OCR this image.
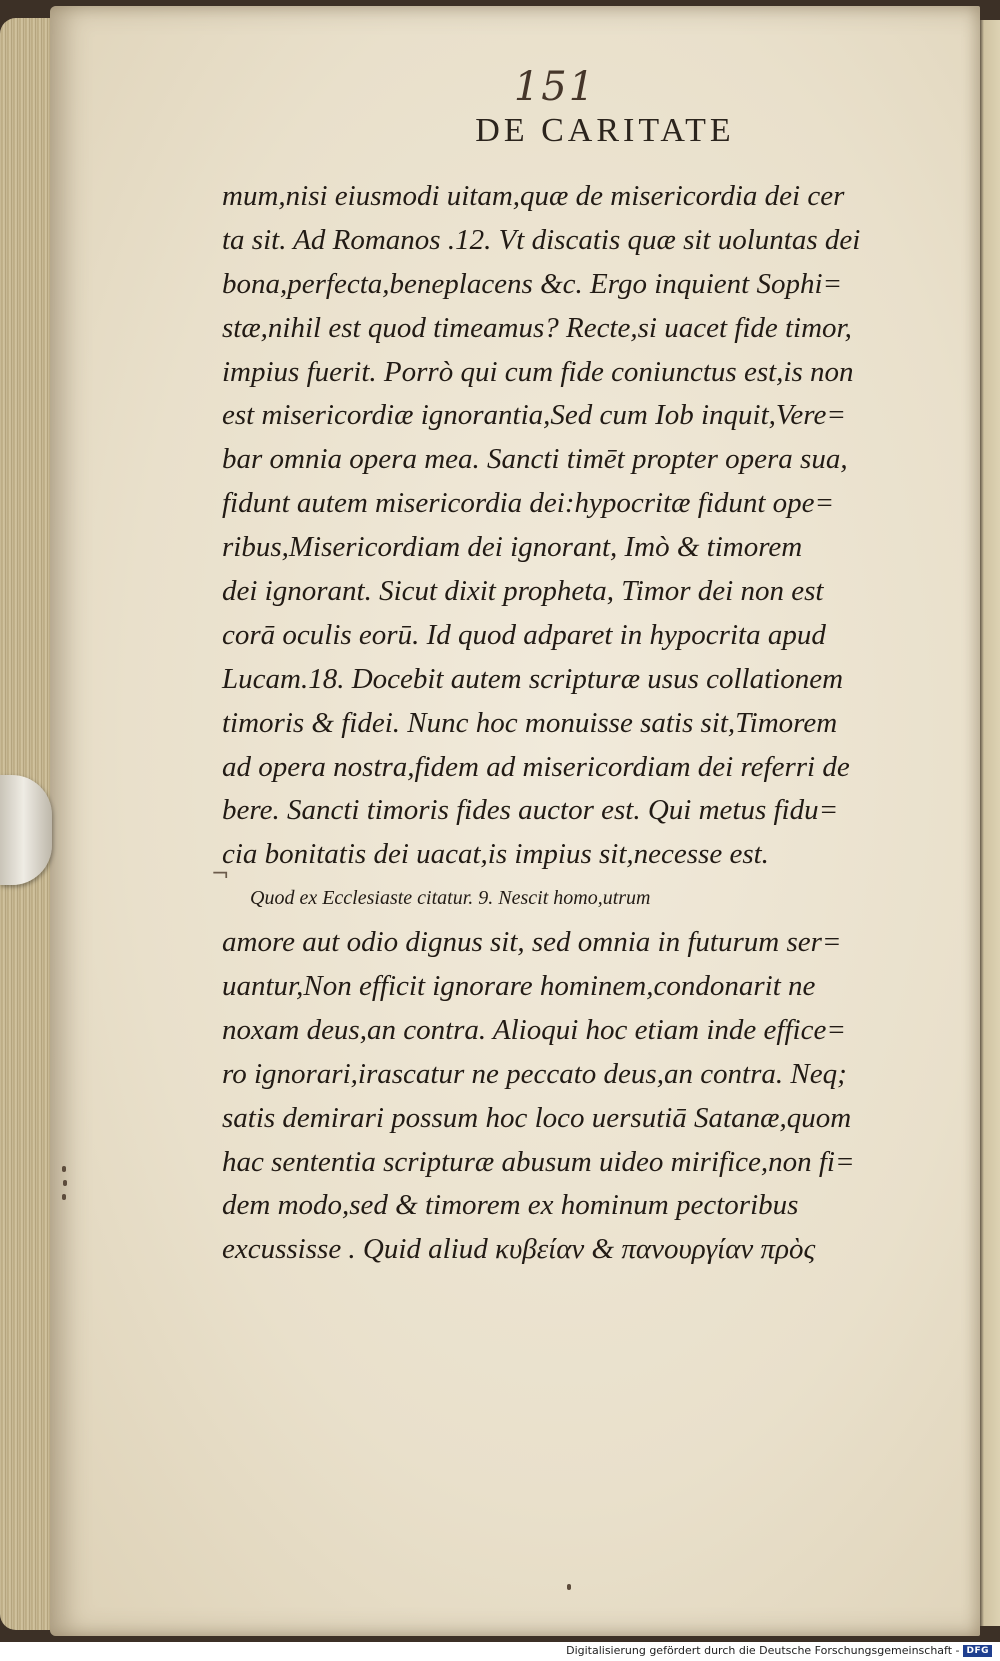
151
DE CARITATE
¬
mum,nisi eiusmodi uitam,quæ de misericordia dei cer
ta sit. Ad Romanos .12. Vt discatis quæ sit uoluntas dei
bona,perfecta,beneplacens &c. Ergo inquient Sophi=
stæ,nihil est quod timeamus? Recte,si uacet fide timor,
impius fuerit. Porrò qui cum fide coniunctus est,is non
est misericordiæ ignorantia,Sed cum Iob inquit,Vere=
bar omnia opera mea. Sancti timēt propter opera sua,
fidunt autem misericordia dei:hypocritæ fidunt ope=
ribus,Misericordiam dei ignorant, Imò & timorem
dei ignorant. Sicut dixit propheta, Timor dei non est
corā oculis eorū. Id quod adparet in hypocrita apud
Lucam.18. Docebit autem scripturæ usus collationem
timoris & fidei. Nunc hoc monuisse satis sit,Timorem
ad opera nostra,fidem ad misericordiam dei referri de
bere. Sancti timoris fides auctor est. Qui metus fidu=
cia bonitatis dei uacat,is impius sit,necesse est.
Quod ex Ecclesiaste citatur. 9. Nescit homo,utrum
amore aut odio dignus sit, sed omnia in futurum ser=
uantur,Non efficit ignorare hominem,condonarit ne
noxam deus,an contra. Alioqui hoc etiam inde effice=
ro ignorari,irascatur ne peccato deus,an contra. Neq;
satis demirari possum hoc loco uersutiā Satanæ,quom
hac sententia scripturæ abusum uideo mirifice,non fi=
dem modo,sed & timorem ex hominum pectoribus
excussisse . Quid aliud κυβείαν & πανουργίαν πρὸς
Digitalisierung gefördert durch die Deutsche Forschungsgemeinschaft - DFG
